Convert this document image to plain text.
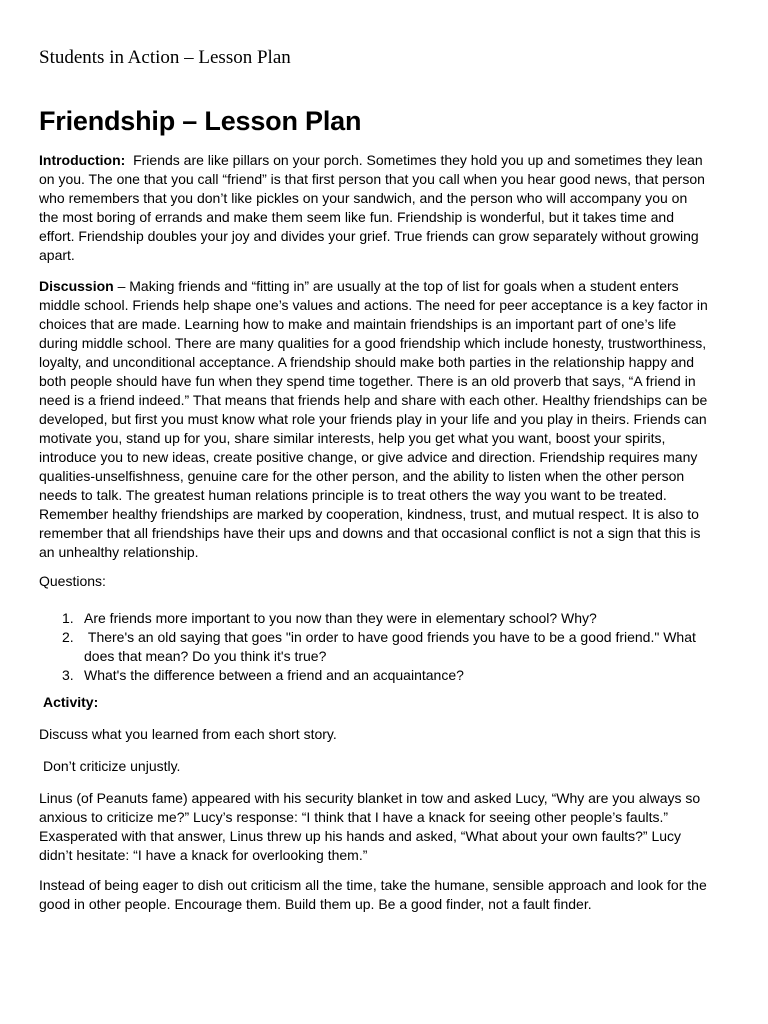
Students in Action – Lesson Plan
Friendship – Lesson Plan

Introduction: Friends are like pillars on your porch. Sometimes they hold you up and sometimes they lean on you. The one that you call “friend” is that first person that you call when you hear good news, that person who remembers that you don’t like pickles on your sandwich, and the person who will accompany you on the most boring of errands and make them seem like fun. Friendship is wonderful, but it takes time and effort. Friendship doubles your joy and divides your grief. True friends can grow separately without growing apart.

Discussion – Making friends and “fitting in” are usually at the top of list for goals when a student enters middle school. Friends help shape one’s values and actions. The need for peer acceptance is a key factor in choices that are made. Learning how to make and maintain friendships is an important part of one’s life during middle school. There are many qualities for a good friendship which include honesty, trustworthiness, loyalty, and unconditional acceptance. A friendship should make both parties in the relationship happy and both people should have fun when they spend time together. There is an old proverb that says, “A friend in need is a friend indeed.” That means that friends help and share with each other. Healthy friendships can be developed, but first you must know what role your friends play in your life and you play in theirs. Friends can motivate you, stand up for you, share similar interests, help you get what you want, boost your spirits, introduce you to new ideas, create positive change, or give advice and direction. Friendship requires many qualities-unselfishness, genuine care for the other person, and the ability to listen when the other person needs to talk. The greatest human relations principle is to treat others the way you want to be treated. Remember healthy friendships are marked by cooperation, kindness, trust, and mutual respect. It is also to remember that all friendships have their ups and downs and that occasional conflict is not a sign that this is an unhealthy relationship.

Questions:

1. Are friends more important to you now than they were in elementary school? Why?
2. There's an old saying that goes "in order to have good friends you have to be a good friend." What does that mean? Do you think it's true?
3. What's the difference between a friend and an acquaintance?

Activity:

Discuss what you learned from each short story.

Don’t criticize unjustly.

Linus (of Peanuts fame) appeared with his security blanket in tow and asked Lucy, “Why are you always so anxious to criticize me?” Lucy’s response: “I think that I have a knack for seeing other people’s faults.” Exasperated with that answer, Linus threw up his hands and asked, “What about your own faults?” Lucy didn’t hesitate: “I have a knack for overlooking them.”

Instead of being eager to dish out criticism all the time, take the humane, sensible approach and look for the good in other people. Encourage them. Build them up. Be a good finder, not a fault finder.
